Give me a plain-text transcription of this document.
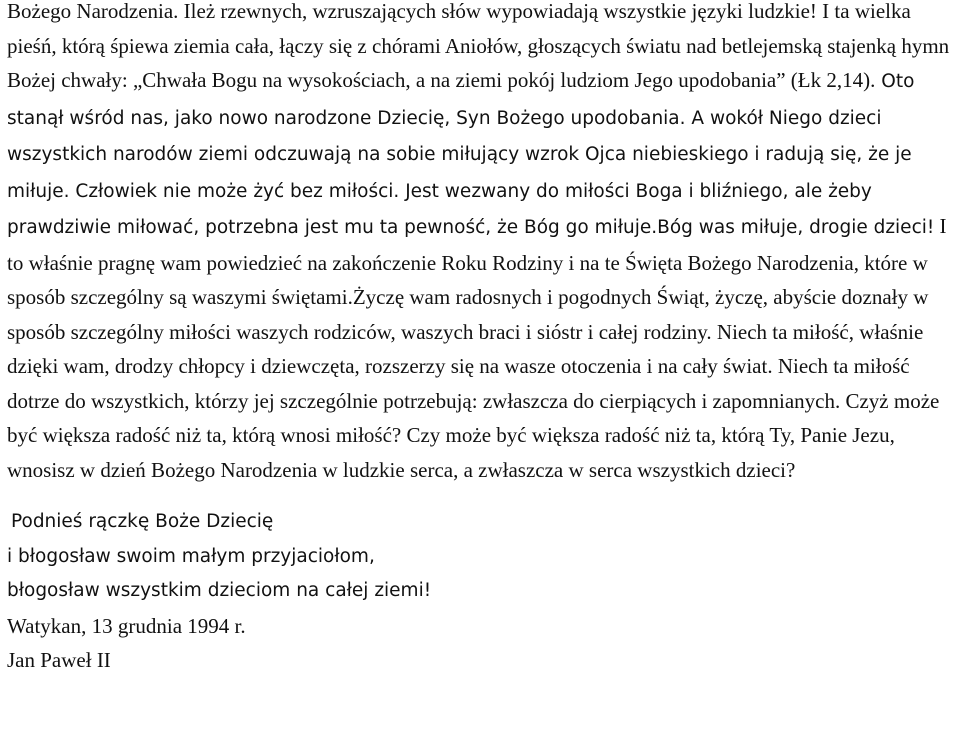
Bożego Narodzenia. Ileż rzewnych, wzruszających słów wypowiadają wszystkie języki ludzkie! I ta wielka pieśń, którą śpiewa ziemia cała, łączy się z chórami Aniołów, głoszących światu nad betlejemską stajenką hymn Bożej chwały: „Chwała Bogu na wysokościach, a na ziemi pokój ludziom Jego upodobania” (Łk 2,14). Oto stanął wśród nas, jako nowo narodzone Dziecię, Syn Bożego upodobania. A wokół Niego dzieci wszystkich narodów ziemi odczuwają na sobie miłujący wzrok Ojca niebieskiego i radują się, że je miłuje. Człowiek nie może żyć bez miłości. Jest wezwany do miłości Boga i bliźniego, ale żeby prawdziwie miłować, potrzebna jest mu ta pewność, że Bóg go miłuje.Bóg was miłuje, drogie dzieci! I to właśnie pragnę wam powiedzieć na zakończenie Roku Rodziny i na te Święta Bożego Narodzenia, które w sposób szczególny są waszymi świętami.Życzę wam radosnych i pogodnych Świąt, życzę, abyście doznały w sposób szczególny miłości waszych rodziców, waszych braci i sióstr i całej rodziny. Niech ta miłość, właśnie dzięki wam, drodzy chłopcy i dziewczęta, rozszerzy się na wasze otoczenia i na cały świat. Niech ta miłość dotrze do wszystkich, którzy jej szczególnie potrzebują: zwłaszcza do cierpiących i zapomnianych. Czyż może być większa radość niż ta, którą wnosi miłość? Czy może być większa radość niż ta, którą Ty, Panie Jezu, wnosisz w dzień Bożego Narodzenia w ludzkie serca, a zwłaszcza w serca wszystkich dzieci?

Podnieś rączkę Boże Dziecię
i błogosław swoim małym przyjaciołom,
błogosław wszystkim dzieciom na całej ziemi!
Watykan, 13 grudnia 1994 r.
Jan Paweł II
